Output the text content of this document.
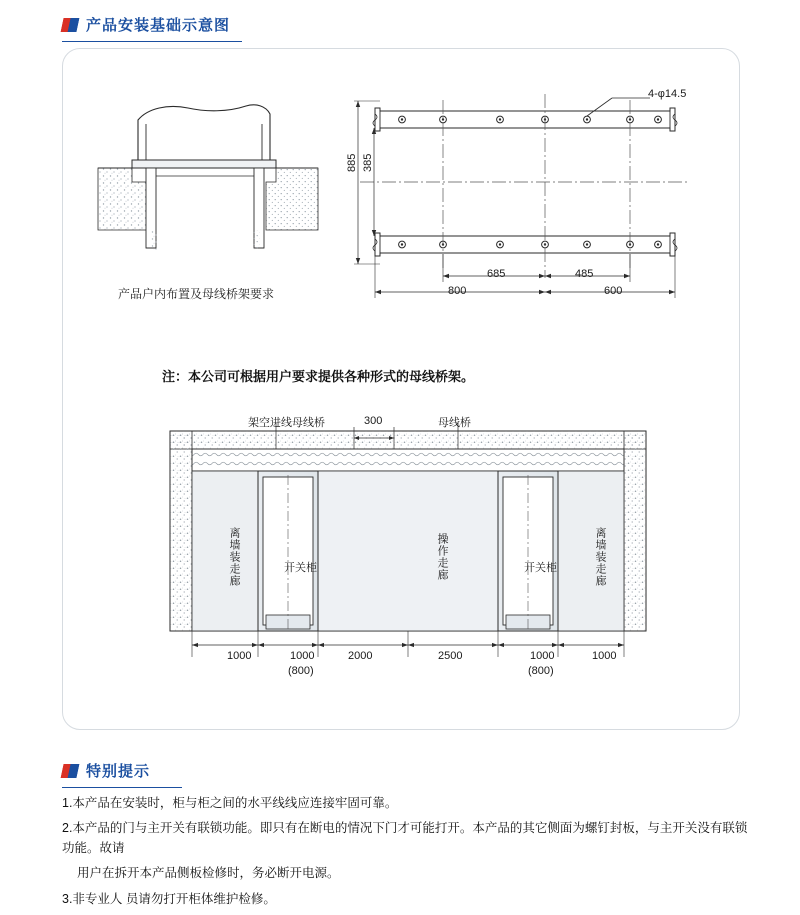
产品安装基础示意图
产品户内布置及母线桥架要求
4-φ14.5
885 385
685	485
800	600
注：本公司可根据用户要求提供各种形式的母线桥架。
架空进线母线桥	母线桥
300
离墙装走廊	离墙装走廊
操作走廊
开关柜	开关柜
1000	1000	2000	2500	1000	1000
(800)	(800)
特别提示

1.本产品在安装时，柜与柜之间的水平线线应连接牢固可靠。

2.本产品的门与主开关有联锁功能。即只有在断电的情况下门才可能打开。本产品的其它侧面为螺钉封板，与主开关没有联锁功能。故请

用户在拆开本产品侧板检修时，务必断开电源。

3.非专业人 员请勿打开柜体维护检修。
